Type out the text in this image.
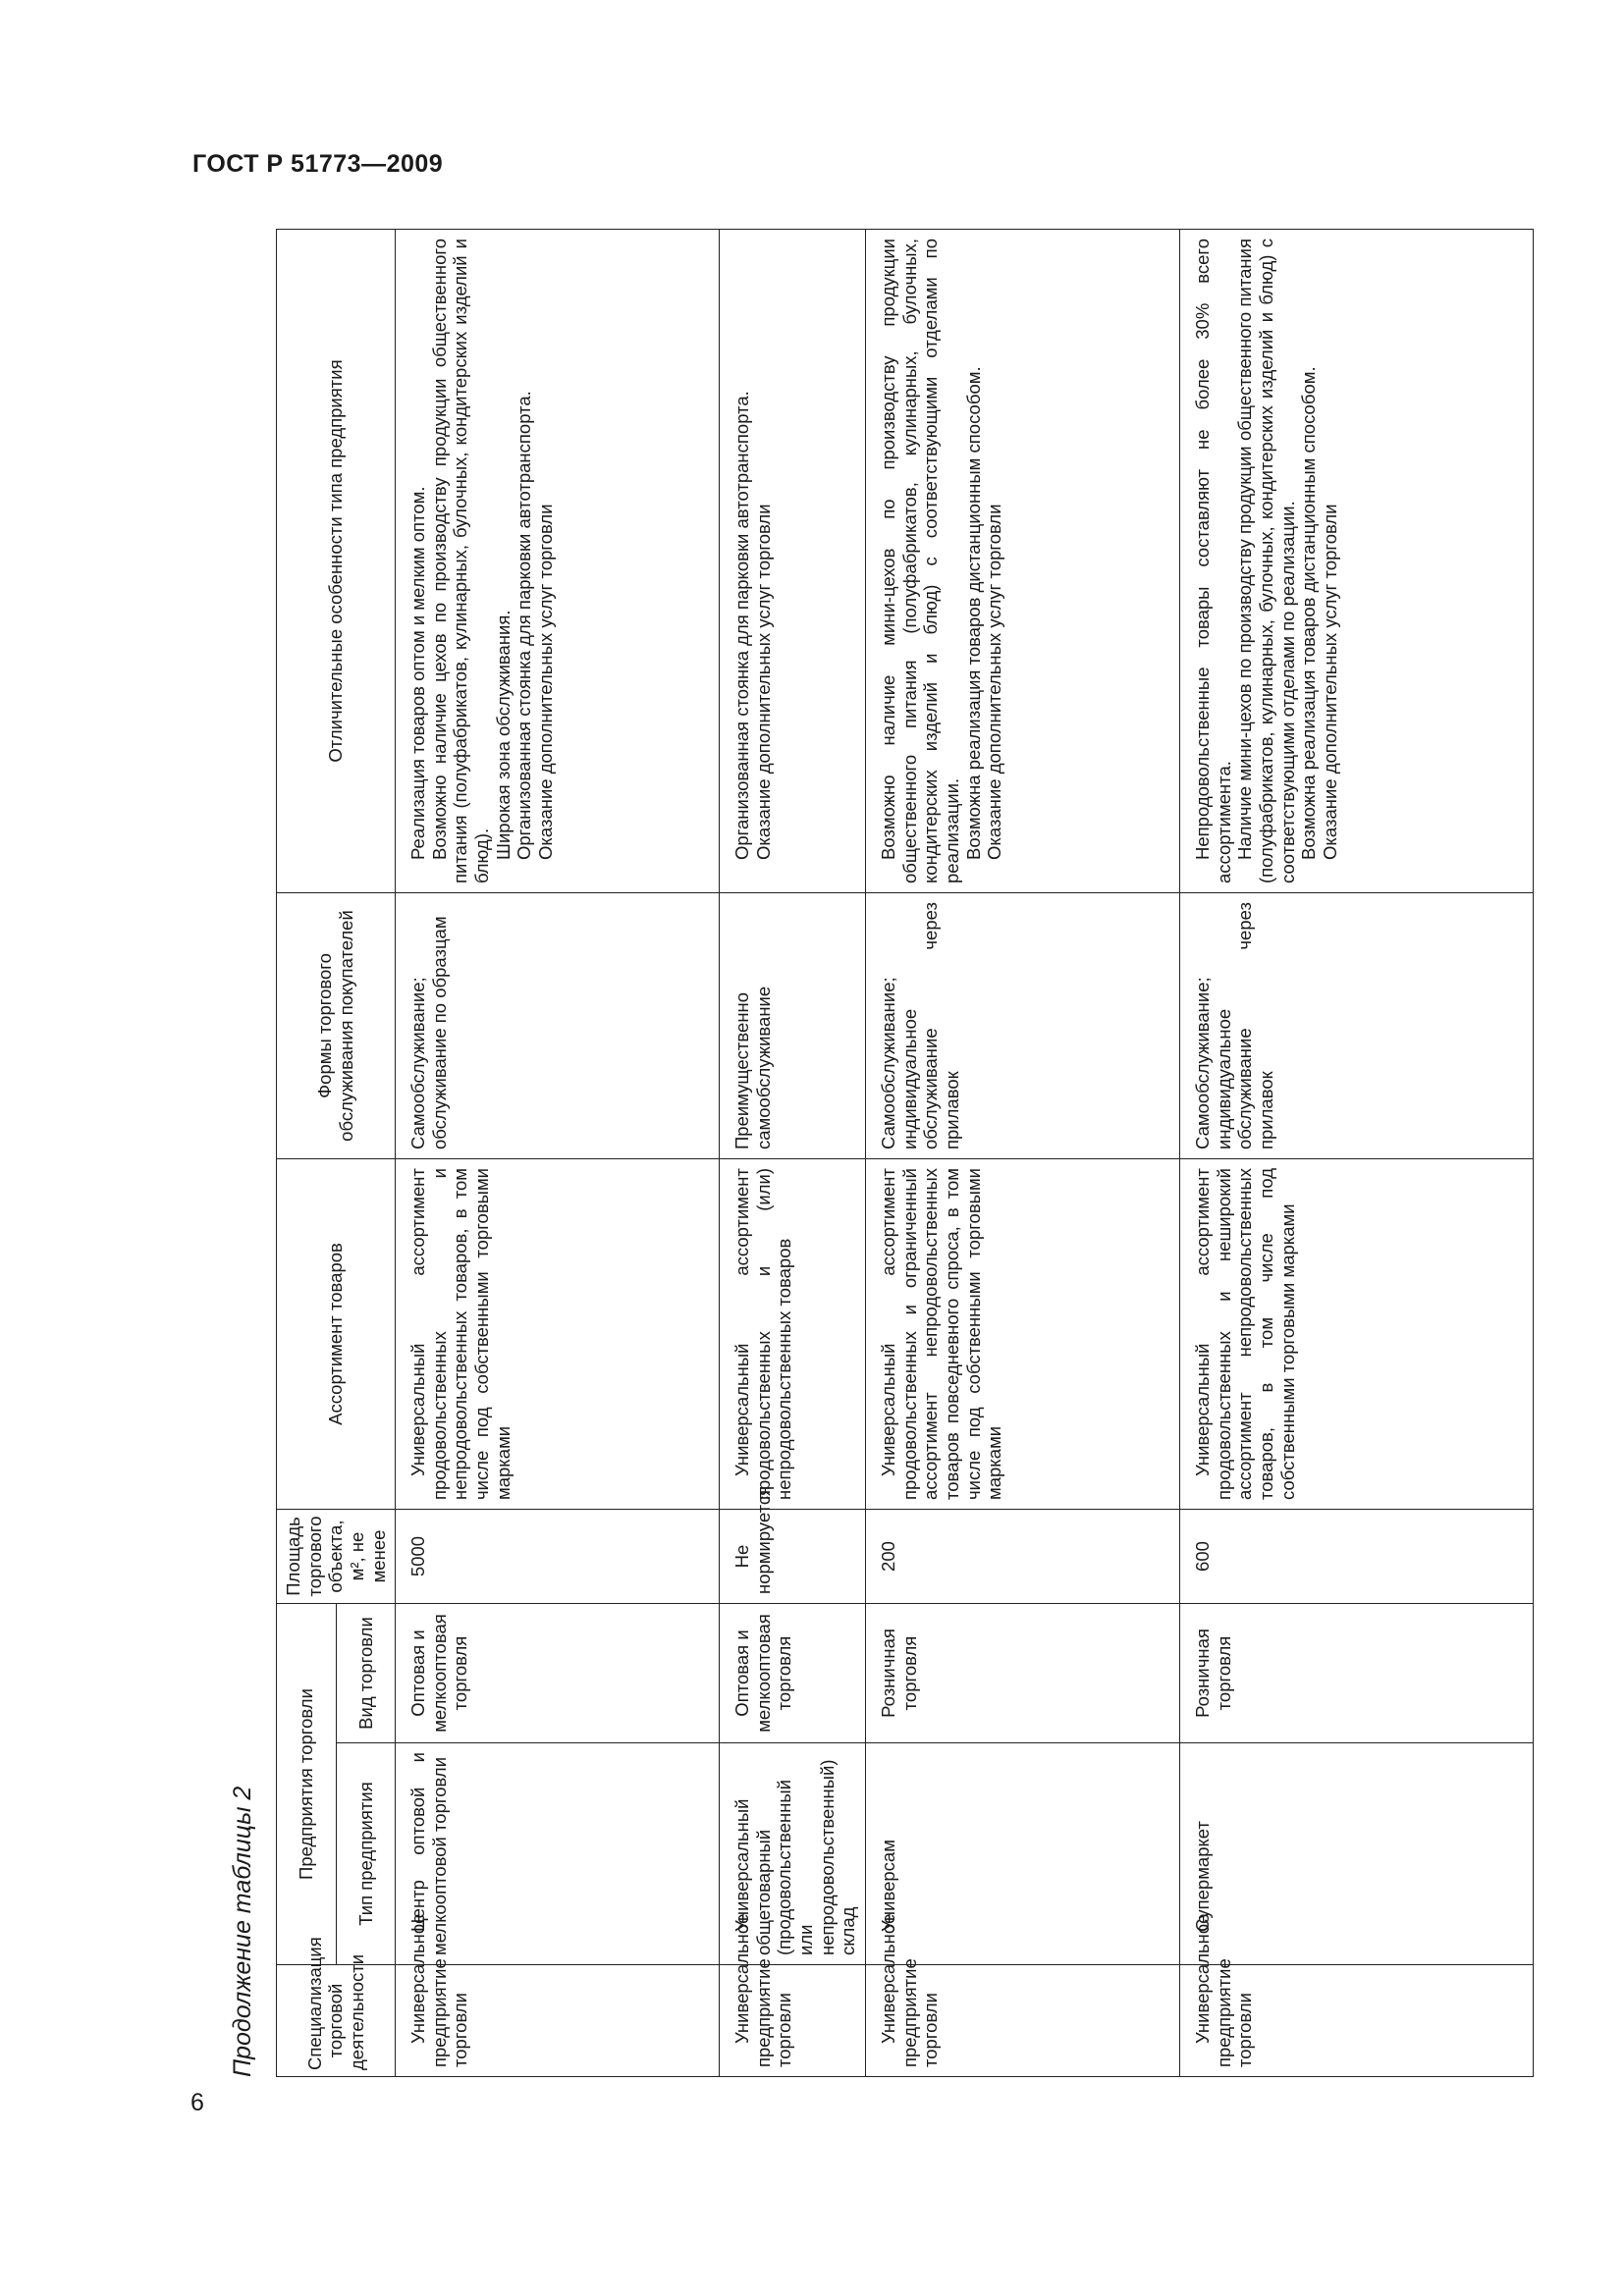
ГОСТ Р 51773—2009
Продолжение таблицы 2	Специализация торговой деятельности	Предприятия торговли		Площадь торгового объекта, м², не менее	Ассортимент товаров	Формы торгового обслуживания покупателей	Отличительные особенности типа предприятия
	Тип предприятия	Вид торговли				
Универсальное предприятие торговли	Центр оптовой и мелкооптовой торговли	Оптовая и мелкооптовая торговля	5000	Универсальный ассортимент продовольственных и непродовольственных товаров, в том числе под собственными торговыми марками	Самообслуживание; обслуживание по образцам	Реализация товаров оптом и мелким оптом. Возможно наличие цехов по производству продукции общественного питания (полуфабрикатов, кулинарных, булочных, кондитерских изделий и блюд). Широкая зона обслуживания. Организованная стоянка для парковки автотранспорта. Оказание дополнительных услуг торговли

Универсальное предприятие торговли	Универсальный общетоварный (продовольственный или непродовольственный) склад	Оптовая и мелкооптовая торговля	Не нормируется	Универсальный ассортимент продовольственных и (или) непродовольственных товаров	Преимущественно самообслуживание	Организованная стоянка для парковки автотранспорта. Оказание дополнительных услуг торговли

Универсальное предприятие торговли	Универсам	Розничная торговля	200	Универсальный ассортимент продовольственных и ограниченный ассортимент непродовольственных товаров повседневного спроса, в том числе под собственными торговыми марками	Самообслуживание; индивидуальное обслуживание через прилавок	Возможно наличие мини-цехов по производству продукции общественного питания (полуфабрикатов, кулинарных, булочных, кондитерских изделий и блюд) с соответствующими отделами по реализации. Возможна реализация товаров дистанционным способом. Оказание дополнительных услуг торговли

Универсальное предприятие торговли	Супермаркет	Розничная торговля	600	Универсальный ассортимент продовольственных и неширокий ассортимент непродовольственных товаров, в том числе под собственными торговыми марками	Самообслуживание; индивидуальное обслуживание через прилавок	Непродовольственные товары составляют не более 30% всего ассортимента. Наличие мини-цехов по производству продукции общественного питания (полуфабрикатов, кулинарных, булочных, кондитерских изделий и блюд) с соответствующими отделами по реализации. Возможна реализация товаров дистанционным способом. Оказание дополнительных услуг торговли

6
